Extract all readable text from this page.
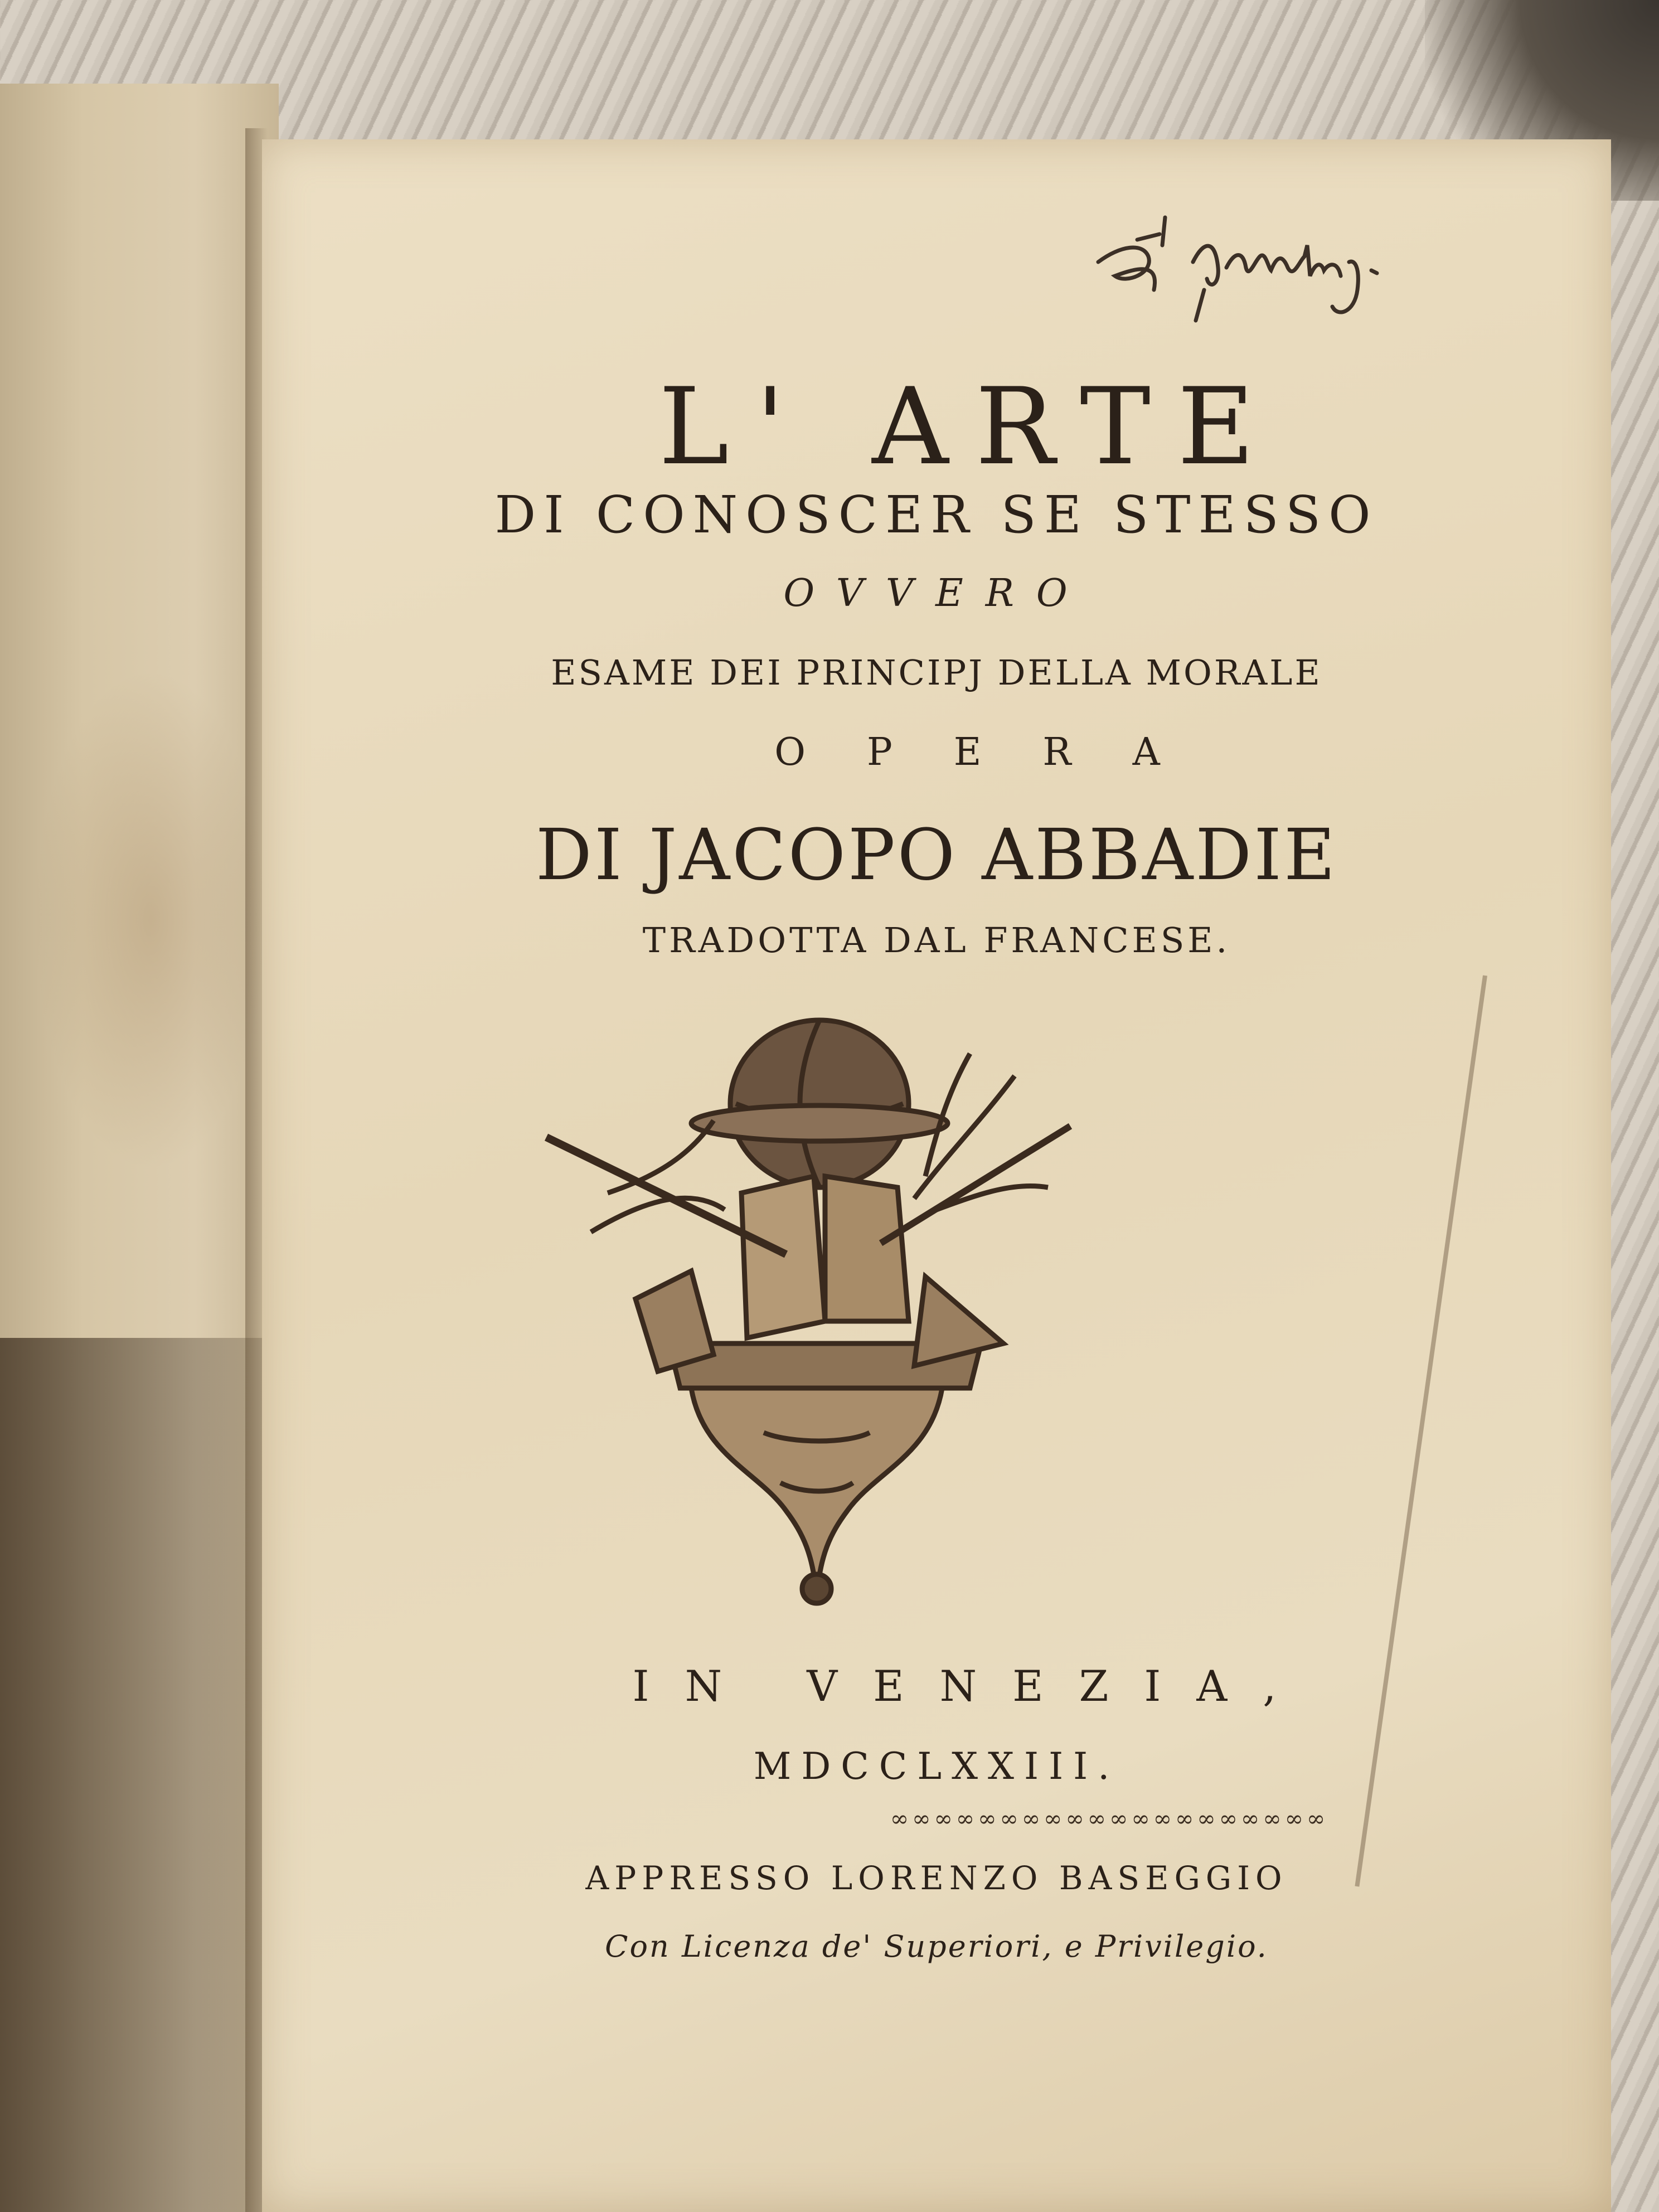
L' ARTE

DI CONOSCER SE STESSO

OVVERO

ESAME DEI PRINCIPJ DELLA MORALE

OPERA

DI JACOPO ABBADIE

TRADOTTA DAL FRANCESE.

IN VENEZIA,

MDCCLXXIII.

∞∞∞∞∞∞∞∞∞∞∞∞∞∞∞∞∞∞∞∞

APPRESSO LORENZO BASEGGIO

Con Licenza de' Superiori, e Privilegio.
